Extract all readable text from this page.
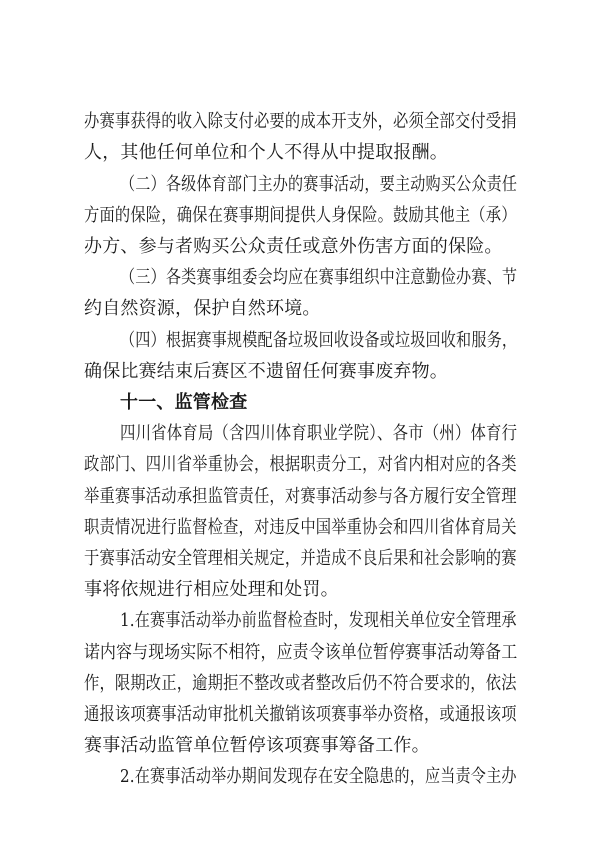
办赛事获得的收入除支付必要的成本开支外，必须全部交付受捐
人，其他任何单位和个人不得从中提取报酬。
（二）各级体育部门主办的赛事活动，要主动购买公众责任
方面的保险，确保在赛事期间提供人身保险。鼓励其他主（承）
办方、参与者购买公众责任或意外伤害方面的保险。
（三）各类赛事组委会均应在赛事组织中注意勤俭办赛、节
约自然资源，保护自然环境。
（四）根据赛事规模配备垃圾回收设备或垃圾回收和服务，
确保比赛结束后赛区不遗留任何赛事废弃物。
十一、监管检查
四川省体育局（含四川体育职业学院）、各市（州）体育行
政部门、四川省举重协会，根据职责分工，对省内相对应的各类
举重赛事活动承担监管责任，对赛事活动参与各方履行安全管理
职责情况进行监督检查，对违反中国举重协会和四川省体育局关
于赛事活动安全管理相关规定，并造成不良后果和社会影响的赛
事将依规进行相应处理和处罚。
1.在赛事活动举办前监督检查时，发现相关单位安全管理承
诺内容与现场实际不相符，应责令该单位暂停赛事活动筹备工
作，限期改正，逾期拒不整改或者整改后仍不符合要求的，依法
通报该项赛事活动审批机关撤销该项赛事举办资格，或通报该项
赛事活动监管单位暂停该项赛事筹备工作。
2.在赛事活动举办期间发现存在安全隐患的，应当责令主办
